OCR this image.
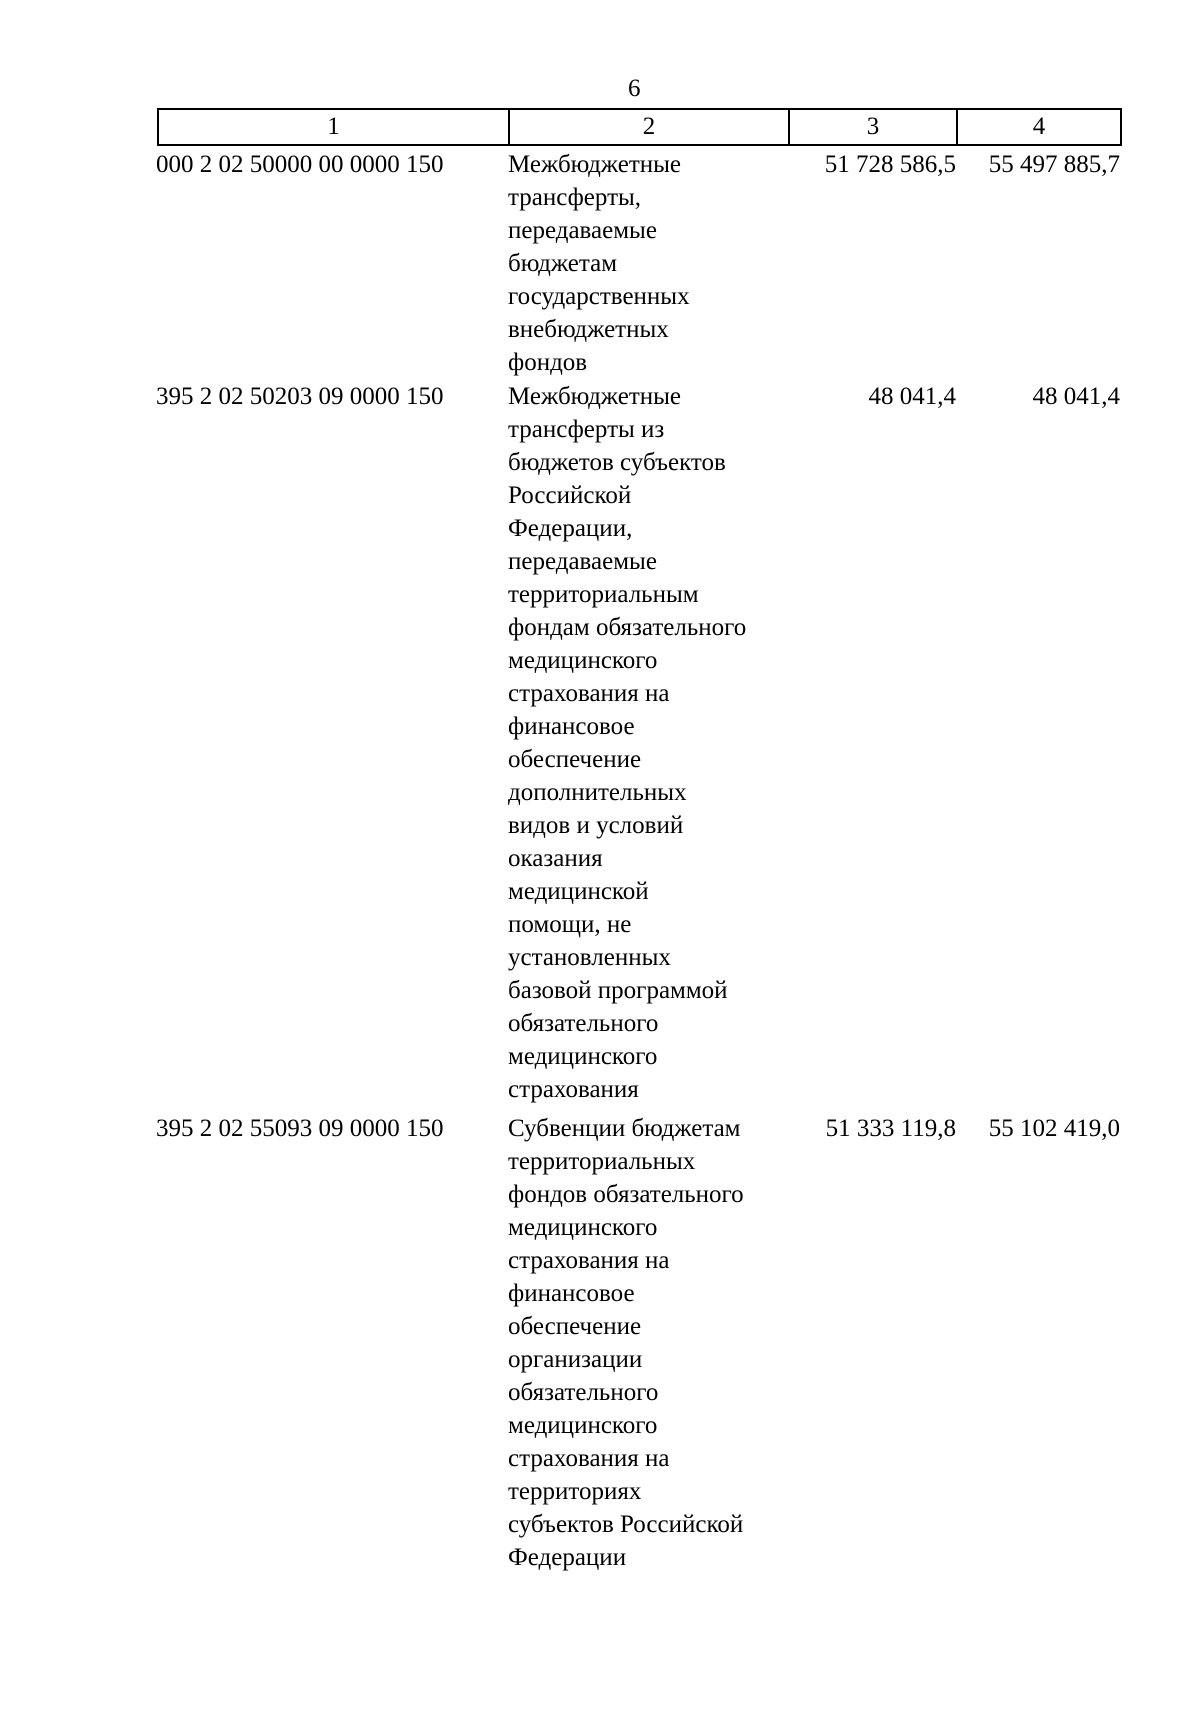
6
1	2	3	4
000 2 02 50000 00 0000 150	Межбюджетные
трансферты,
передаваемые
бюджетам
государственных
внебюджетных
фондов
51 728 586,5	55 497 885,7
395 2 02 50203 09 0000 150	Межбюджетные
трансферты из
бюджетов субъектов
Российской
Федерации,
передаваемые
территориальным
фондам обязательного
медицинского
страхования на
финансовое
обеспечение
дополнительных
видов и условий
оказания
медицинской
помощи, не
установленных
базовой программой
обязательного
медицинского
страхования
48 041,4	48 041,4
395 2 02 55093 09 0000 150	Субвенции бюджетам
территориальных
фондов обязательного
медицинского
страхования на
финансовое
обеспечение
организации
обязательного
медицинского
страхования на
территориях
субъектов Российской
Федерации
51 333 119,8	55 102 419,0
